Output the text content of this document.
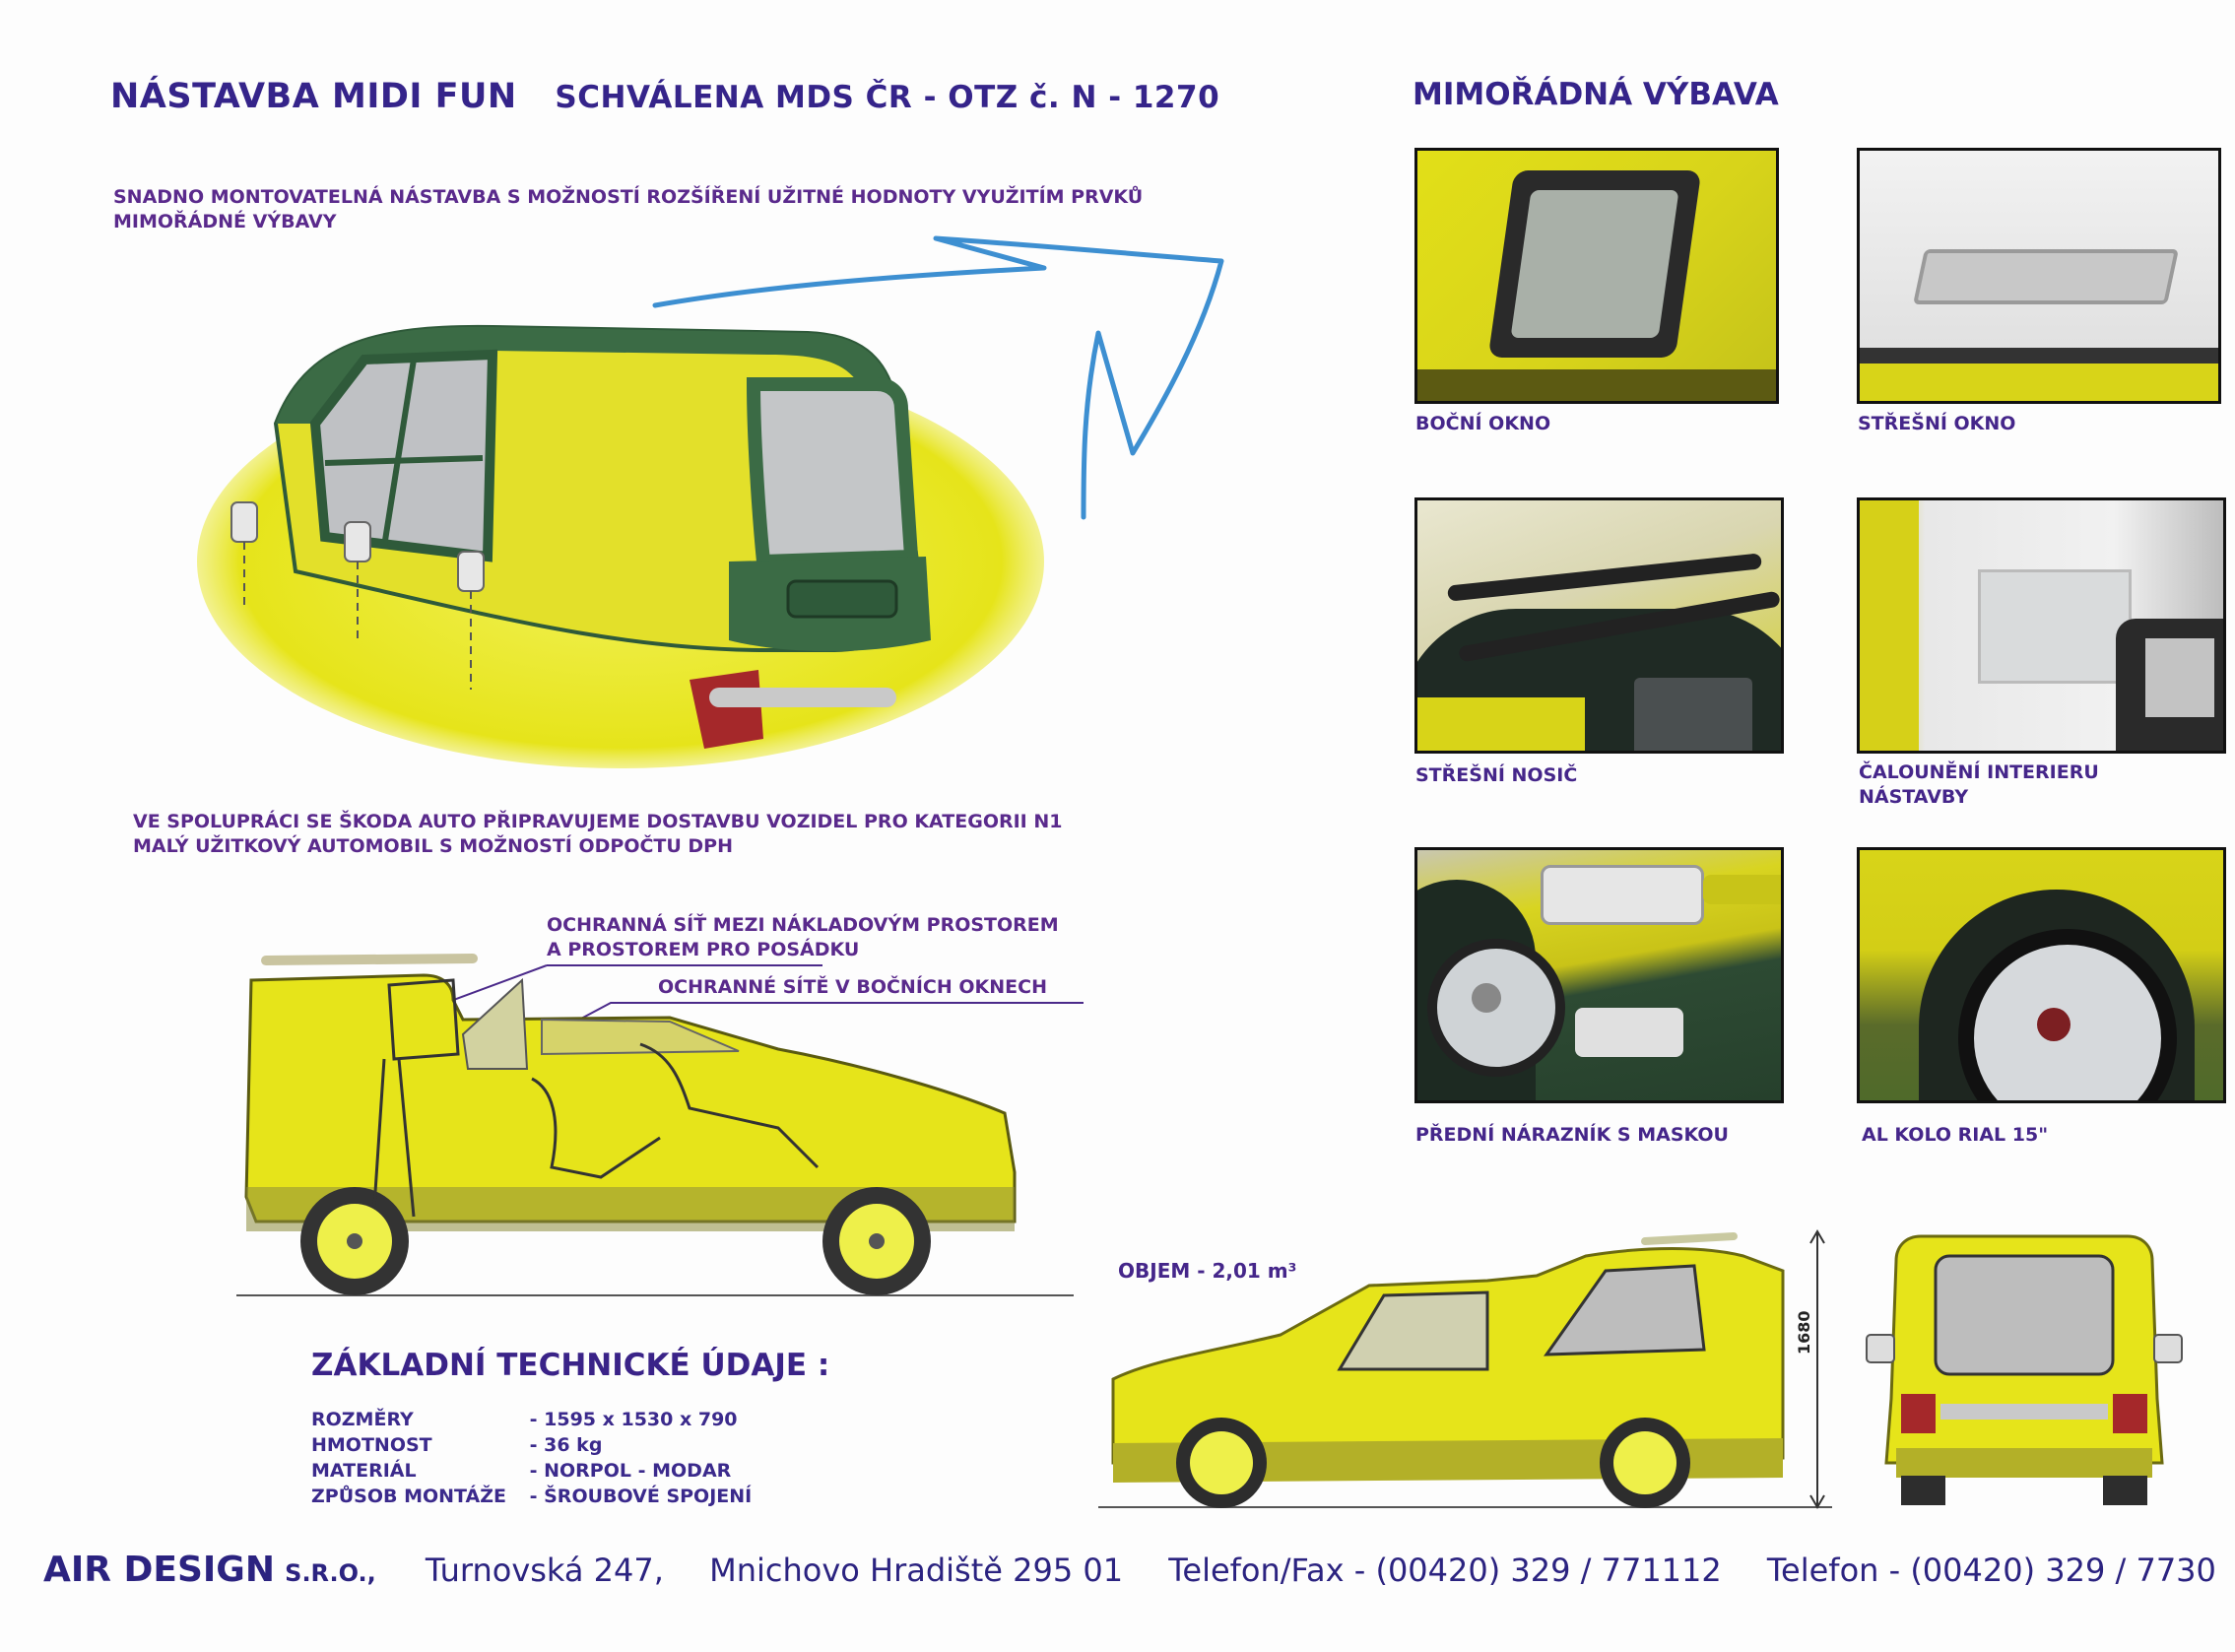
NÁSTAVBA MIDI FUN SCHVÁLENA MDS ČR - OTZ č. N - 1270
SNADNO MONTOVATELNÁ NÁSTAVBA S MOŽNOSTÍ ROZŠÍŘENÍ UŽITNÉ HODNOTY VYUŽITÍM PRVKŮ
MIMOŘÁDNÉ VÝBAVY
VE SPOLUPRÁCI SE ŠKODA AUTO PŘIPRAVUJEME DOSTAVBU VOZIDEL PRO KATEGORII N1
MALÝ UŽITKOVÝ AUTOMOBIL S MOŽNOSTÍ ODPOČTU DPH
OCHRANNÁ SÍŤ MEZI NÁKLADOVÝM PROSTOREM
A PROSTOREM PRO POSÁDKU
OCHRANNÉ SÍTĚ V BOČNÍCH OKNECH
ZÁKLADNÍ TECHNICKÉ ÚDAJE :
ROZMĚRY	- 1595 x 1530 x 790
HMOTNOST	- 36 kg
MATERIÁL	- NORPOL - MODAR
ZPŮSOB MONTÁŽE - ŠROUBOVÉ SPOJENÍ
MIMOŘÁDNÁ VÝBAVA
BOČNÍ OKNO	STŘEŠNÍ OKNO
STŘEŠNÍ NOSIČ	ČALOUNĚNÍ INTERIERU
NÁSTAVBY
PŘEDNÍ NÁRAZNÍK S MASKOU	AL KOLO RIAL 15"
OBJEM - 2,01 m³
1680
AIR DESIGN S.R.O., Turnovská 247, Mnichovo Hradiště 295 01 Telefon/Fax - (00420) 329 / 771112 Telefon - (00420) 329 / 7730
